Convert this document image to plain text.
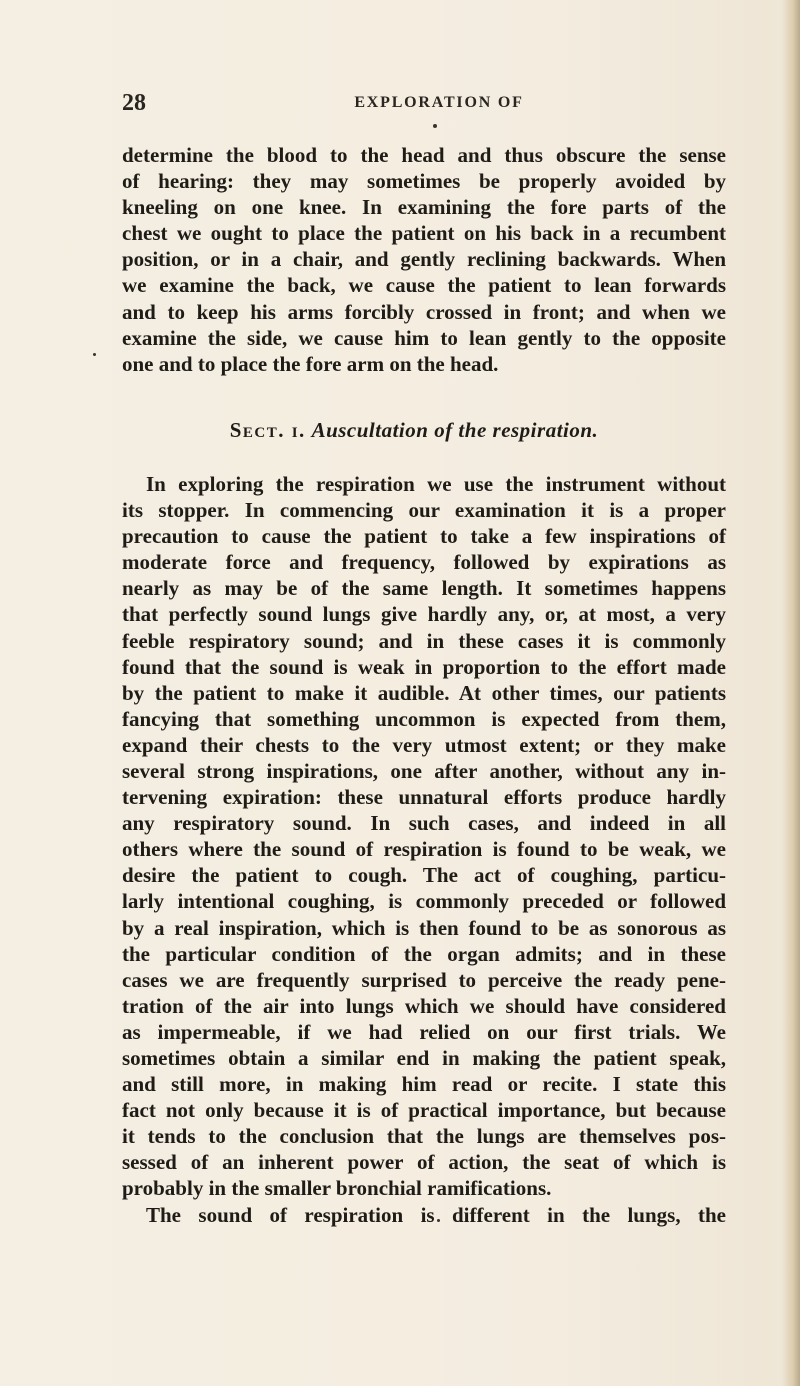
28	EXPLORATION OF
determine the blood to the head and thus obscure the sense
of hearing: they may sometimes be properly avoided by
kneeling on one knee. In examining the fore parts of the
chest we ought to place the patient on his back in a recumbent
position, or in a chair, and gently reclining backwards. When
we examine the back, we cause the patient to lean forwards
and to keep his arms forcibly crossed in front; and when we
examine the side, we cause him to lean gently to the opposite
one and to place the fore arm on the head.
Sect. i. Auscultation of the respiration.
In exploring the respiration we use the instrument without
its stopper. In commencing our examination it is a proper
precaution to cause the patient to take a few inspirations of
moderate force and frequency, followed by expirations as
nearly as may be of the same length. It sometimes happens
that perfectly sound lungs give hardly any, or, at most, a very
feeble respiratory sound; and in these cases it is commonly
found that the sound is weak in proportion to the effort made
by the patient to make it audible. At other times, our patients
fancying that something uncommon is expected from them,
expand their chests to the very utmost extent; or they make
several strong inspirations, one after another, without any in-
tervening expiration: these unnatural efforts produce hardly
any respiratory sound. In such cases, and indeed in all
others where the sound of respiration is found to be weak, we
desire the patient to cough. The act of coughing, particu-
larly intentional coughing, is commonly preceded or followed
by a real inspiration, which is then found to be as sonorous as
the particular condition of the organ admits; and in these
cases we are frequently surprised to perceive the ready pene-
tration of the air into lungs which we should have considered
as impermeable, if we had relied on our first trials. We
sometimes obtain a similar end in making the patient speak,
and still more, in making him read or recite. I state this
fact not only because it is of practical importance, but because
it tends to the conclusion that the lungs are themselves pos-
sessed of an inherent power of action, the seat of which is
probably in the smaller bronchial ramifications.
The sound of respiration is different in the lungs, the
